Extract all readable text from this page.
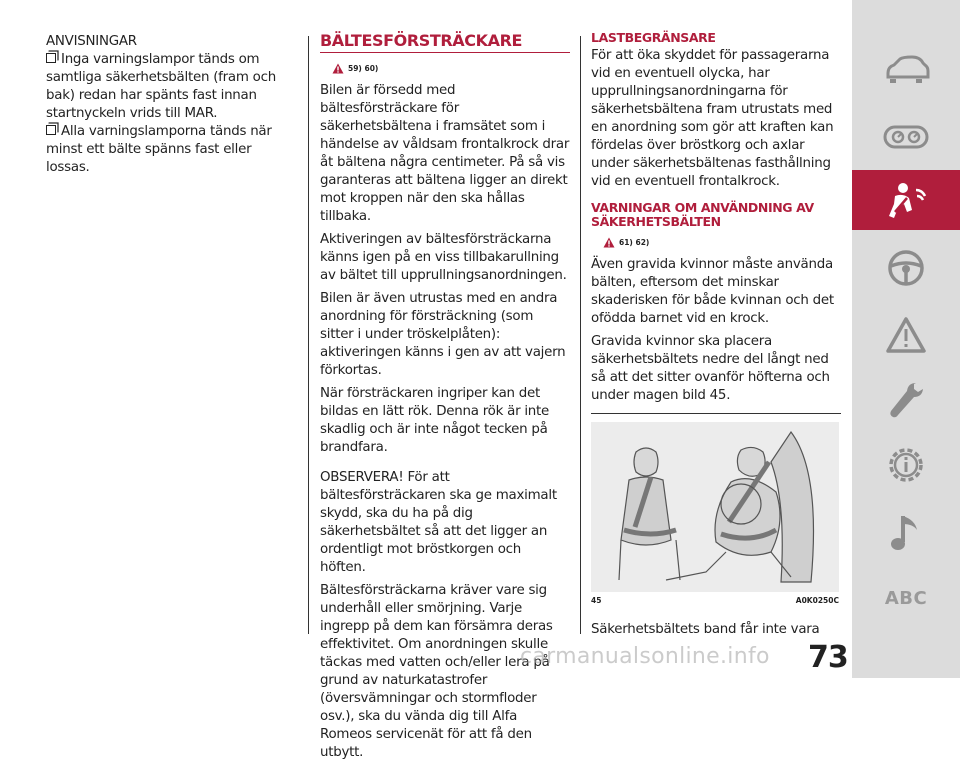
ANVISNINGAR

Inga varningslampor tänds om samtliga säkerhetsbälten (fram och bak) redan har spänts fast innan startnyckeln vrids till MAR.

Alla varningslamporna tänds när minst ett bälte spänns fast eller lossas.

BÄLTESFÖRSTRÄCKARE
59) 60)

Bilen är försedd med bältesförsträckare för säkerhetsbältena i framsätet som i händelse av våldsam frontalkrock drar åt bältena några centimeter. På så vis garanteras att bältena ligger an direkt mot kroppen när den ska hållas tillbaka.

Aktiveringen av bältesförsträckarna känns igen på en viss tillbakarullning av bältet till upprullningsanordningen.

Bilen är även utrustas med en andra anordning för försträckning (som sitter i under tröskelplåten): aktiveringen känns i gen av att vajern förkortas.

När försträckaren ingriper kan det bildas en lätt rök. Denna rök är inte skadlig och är inte något tecken på brandfara.

OBSERVERA! För att bältesförsträckaren ska ge maximalt skydd, ska du ha på dig säkerhetsbältet så att det ligger an ordentligt mot bröstkorgen och höften.

Bältesförsträckarna kräver vare sig underhåll eller smörjning. Varje ingrepp på dem kan försämra deras effektivitet. Om anordningen skulle täckas med vatten och/eller lera på grund av naturkatastrofer (översvämningar och stormfloder osv.), ska du vända dig till Alfa Romeos servicenät för att få den utbytt.

LASTBEGRÄNSARE

För att öka skyddet för passagerarna vid en eventuell olycka, har upprullningsanordningarna för säkerhetsbältena fram utrustats med en anordning som gör att kraften kan fördelas över bröstkorg och axlar under säkerhetsbältenas fasthållning vid en eventuell frontalkrock.

VARNINGAR OM ANVÄNDNING AV
SÄKERHETSBÄLTEN
61) 62)

Även gravida kvinnor måste använda bälten, eftersom det minskar skaderisken för både kvinnan och det ofödda barnet vid en krock.

Gravida kvinnor ska placera säkerhetsbältets nedre del långt ned så att det sitter ovanför höfterna och under magen bild 45.

45	A0K0250C

Säkerhetsbältets band får inte vara

ABC
carmanualsonline.info 73
